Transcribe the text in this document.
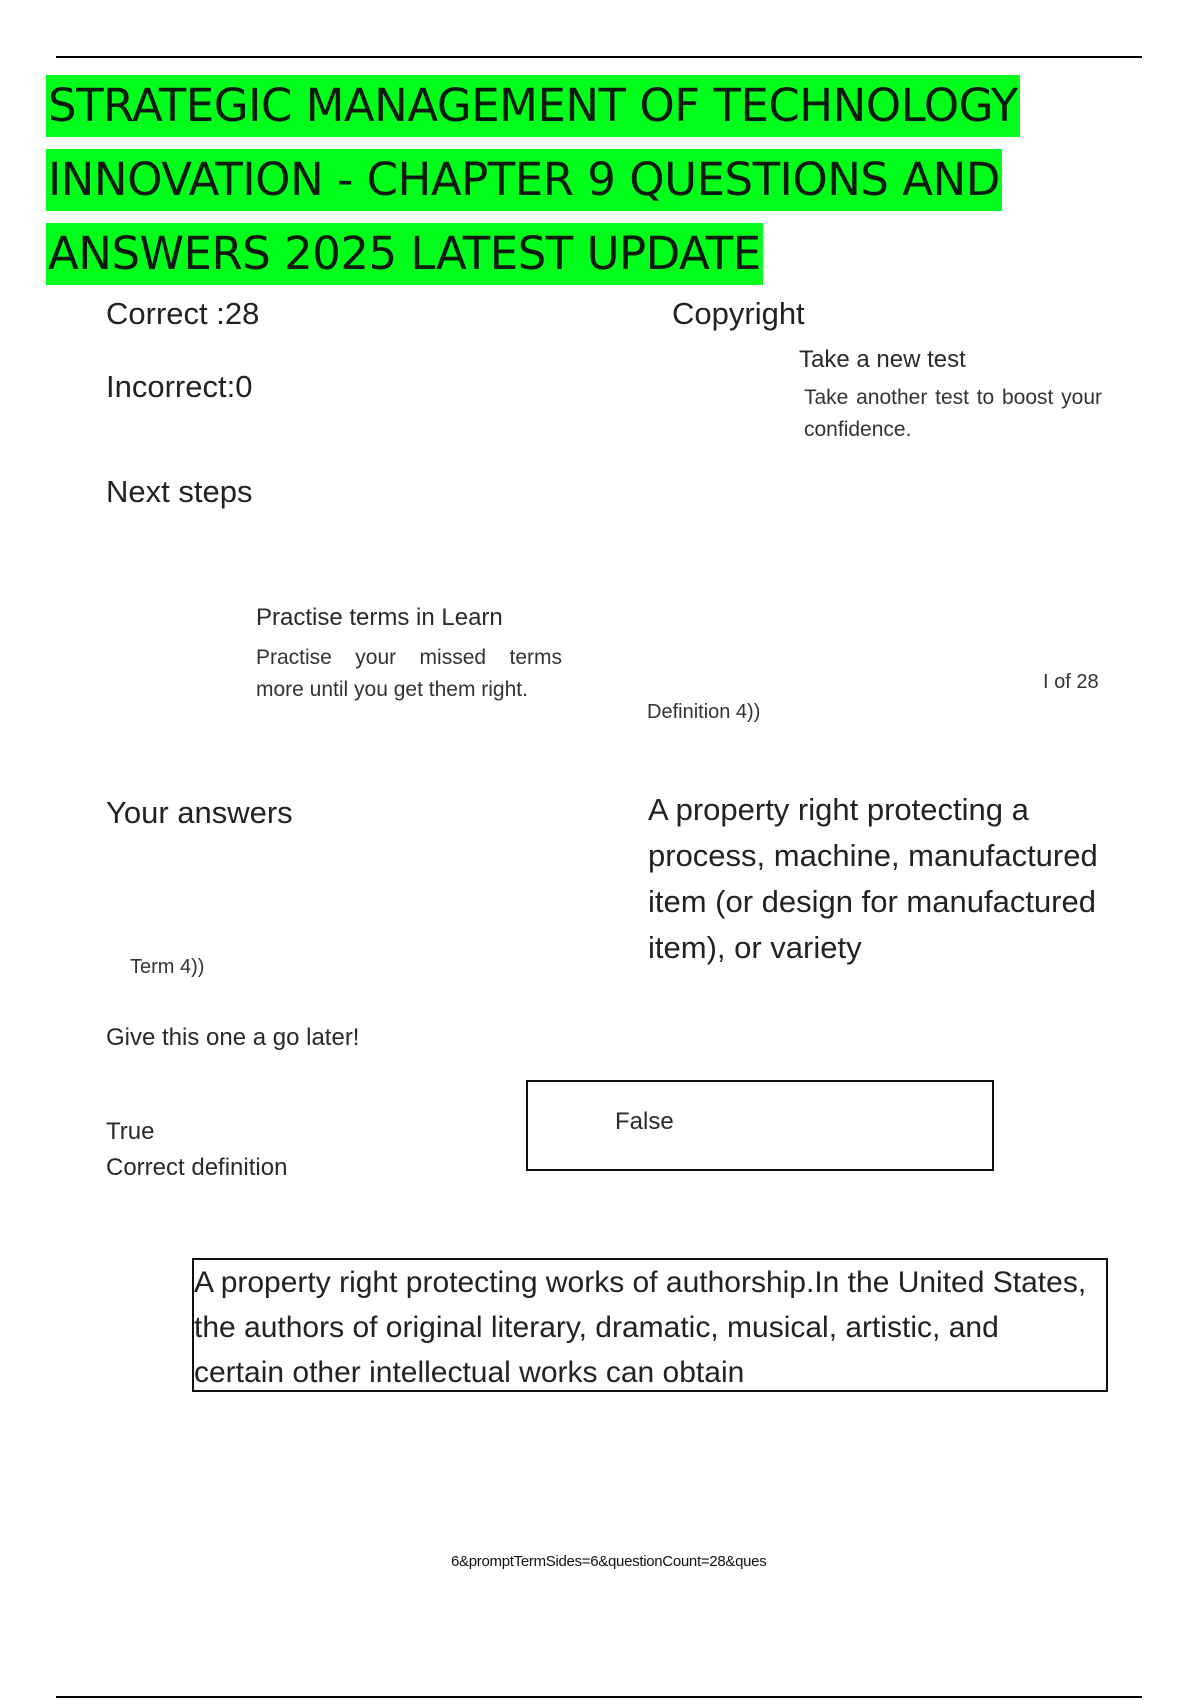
STRATEGIC MANAGEMENT OF TECHNOLOGY
INNOVATION - CHAPTER 9 QUESTIONS AND
ANSWERS 2025 LATEST UPDATE
Correct :28
Incorrect:0
Copyright
Take a new test
Take another test to boost your confidence.
Next steps
Practise terms in Learn
Practise your missed terms more until you get them right.	I of 28
Definition 4))
Your answers	A property right protecting a process, machine, manufactured item (or design for manufactured item), or variety
Term 4))
Give this one a go later!
True
Correct definition
False
A property right protecting works of authorship.In the United States, the authors of original literary, dramatic, musical, artistic, and certain other intellectual works can obtain
6&promptTermSides=6&questionCount=28&ques
